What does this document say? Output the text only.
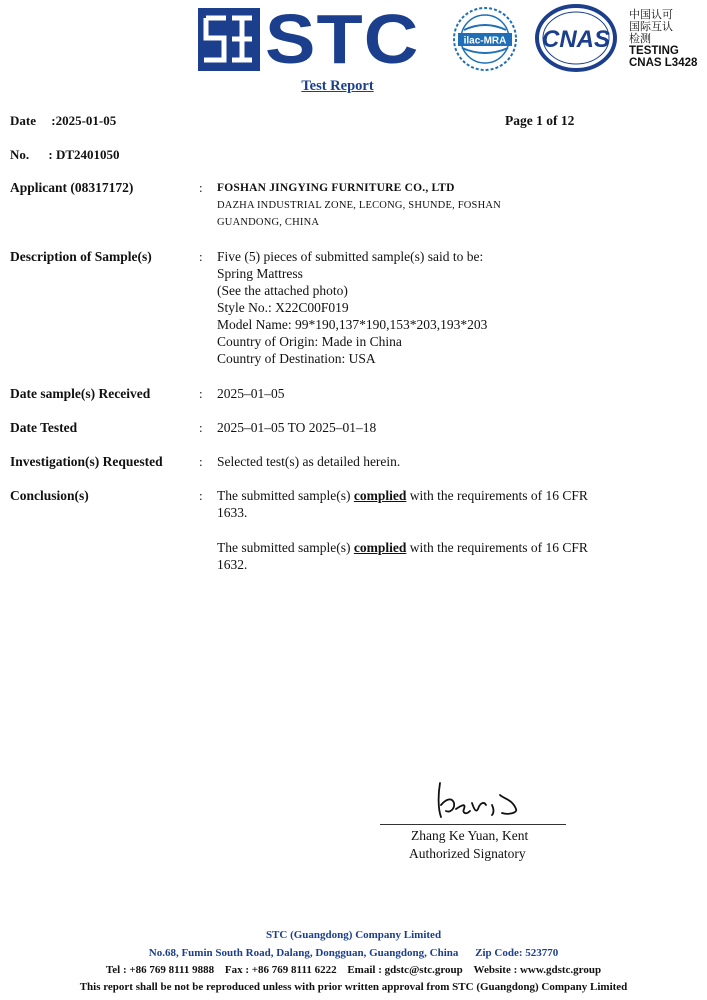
STC	ilac-MRA CNAS
中国认可
国际互认
检测
TESTING
CNAS L3428
Test Report
Date :2025-01-05	Page 1 of 12
No. : DT2401050
Applicant (08317172)	: FOSHAN JINGYING FURNITURE CO., LTD
DAZHA INDUSTRIAL ZONE, LECONG, SHUNDE, FOSHAN
GUANDONG, CHINA
Description of Sample(s)	: Five (5) pieces of submitted sample(s) said to be:
Spring Mattress
(See the attached photo)
Style No.: X22C00F019
Model Name: 99*190,137*190,153*203,193*203
Country of Origin: Made in China
Country of Destination: USA
Date sample(s) Received	: 2025–01–05
Date Tested	: 2025–01–05 TO 2025–01–18
Investigation(s) Requested	: Selected test(s) as detailed herein.
Conclusion(s)	: The submitted sample(s) complied with the requirements of 16 CFR
1633.
The submitted sample(s) complied with the requirements of 16 CFR
1632.
Zhang Ke Yuan, Kent
Authorized Signatory
STC (Guangdong) Company Limited
No.68, Fumin South Road, Dalang, Dongguan, Guangdong, China Zip Code: 523770
Tel : +86 769 8111 9888 Fax : +86 769 8111 6222 Email : gdstc@stc.group Website : www.gdstc.group
This report shall be not be reproduced unless with prior written approval from STC (Guangdong) Company Limited
